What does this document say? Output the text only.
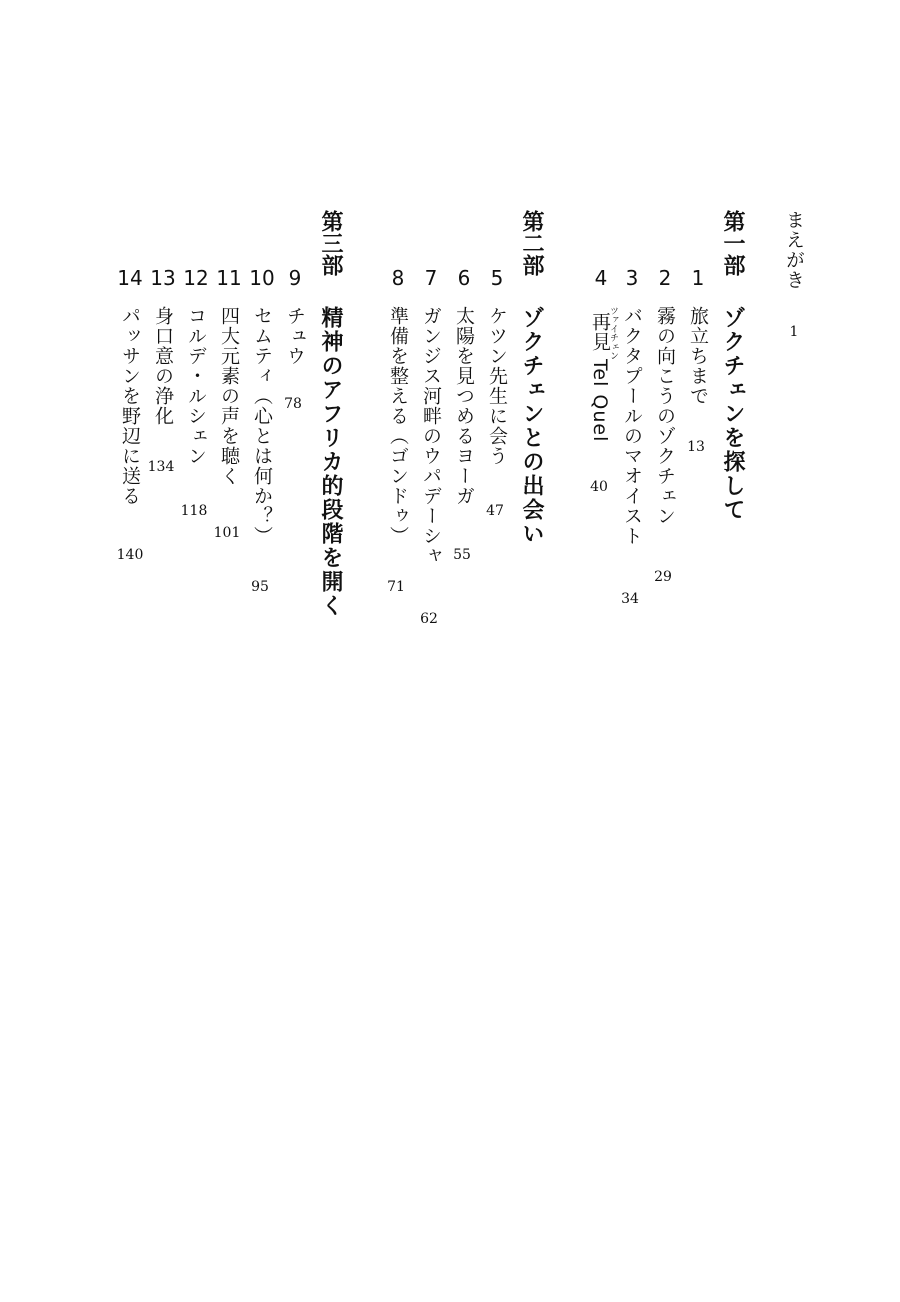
まえがき
1
第一部
ゾクチェンを探して
1
旅立ちまで
13
2
霧の向こうのゾクチェン
29
3
バクタプールのマオイスト
34
4
ツァイチェン
再見 Tel Quel
40
第二部
ゾクチェンとの出会い
5
ケツン先生に会う
47
6
太陽を見つめるヨーガ
55
7
ガンジス河畔のウパデーシャ
62
8
準備を整える（ゴンドゥ）
71
第三部
精神のアフリカ的段階を開く
9
チュウ
78
10
セムティ（心とは何か？）
95
11
四大元素の声を聴く
101
12
コルデ・ルシェン
118
13
身口意の浄化
134
14
パッサンを野辺に送る
140
